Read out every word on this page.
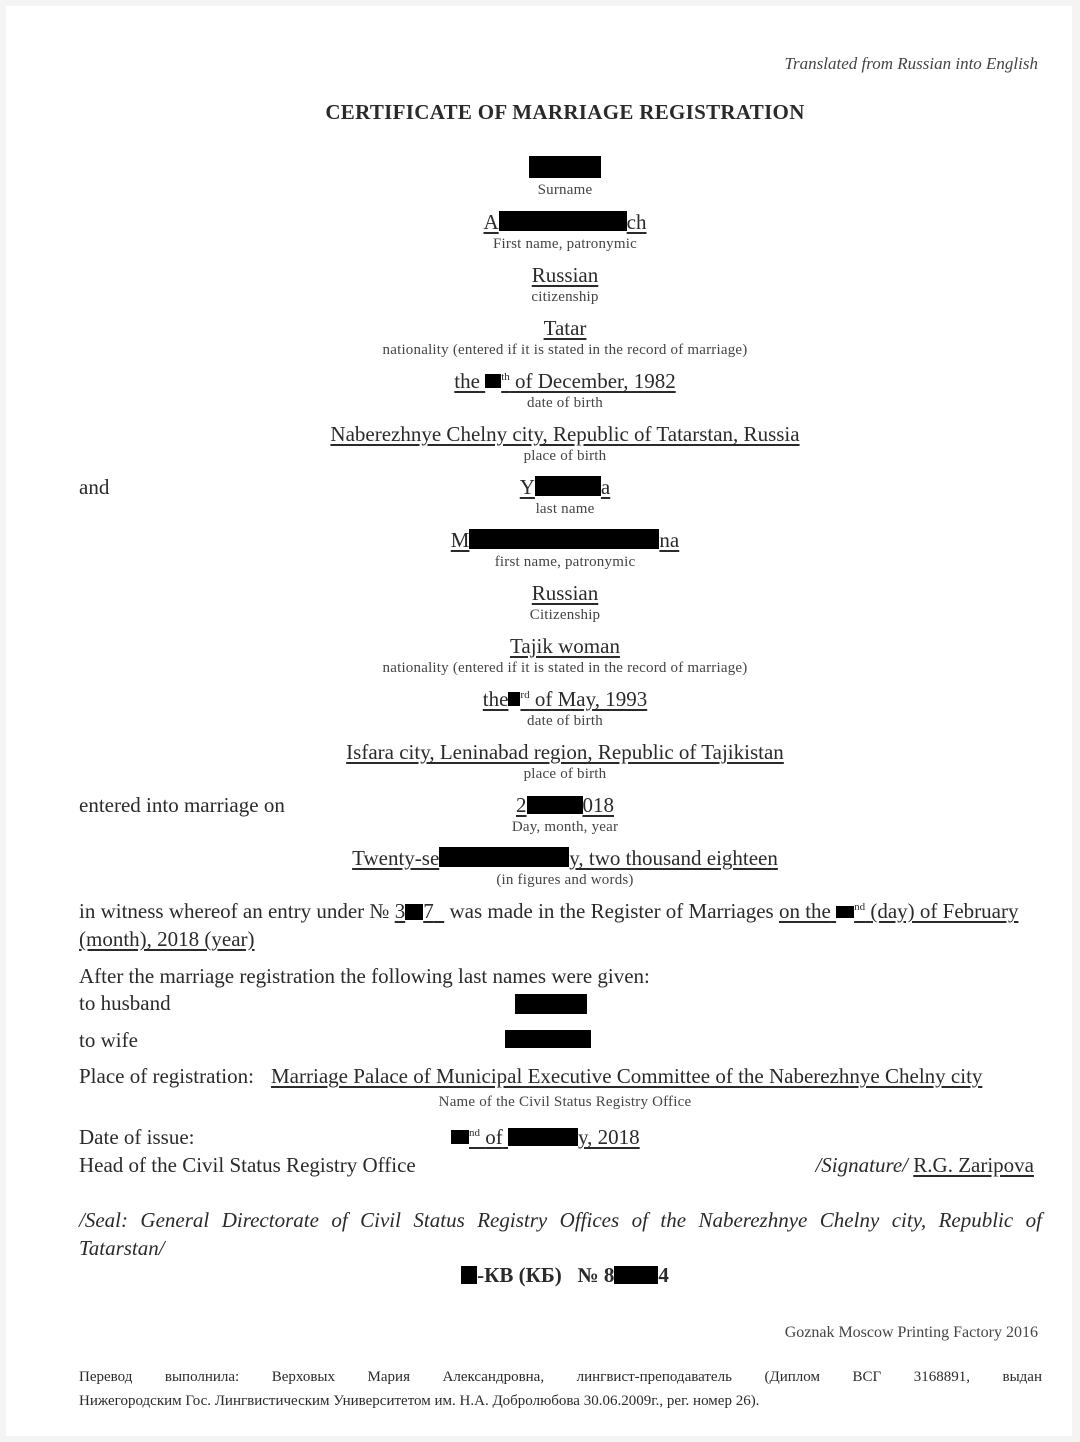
Translated from Russian into English
CERTIFICATE OF MARRIAGE REGISTRATION
Surname
A	ch
First name, patronymic
Russian
citizenship
Tatar
nationality (entered if it is stated in the record of marriage)
the $^{th}$ of December, 1982
date of birth
Naberezhnye Chelny city, Republic of Tatarstan, Russia
place of birth
and	Y	a
last name
M	na
first name, patronymic
Russian
Citizenship
Tajik woman
nationality (entered if it is stated in the record of marriage)
the $^{rd}$ of May, 1993
date of birth
Isfara city, Leninabad region, Republic of Tajikistan
place of birth
entered into marriage on	2	018
Day, month, year
Twenty-se	y, two thousand eighteen
(in figures and words)
in witness whereof an entry under № 3 7 was made in the Register of Marriages on the $^{nd}$ (day) of February
(month), 2018 (year)
After the marriage registration the following last names were given:
to husband
to wife
Place of registration: Marriage Palace of Municipal Executive Committee of the Naberezhnye Chelny city
Name of the Civil Status Registry Office
Date of issue:	$^{nd}$ of	y, 2018
Head of the Civil Status Registry Office	/Signature/ R.G. Zaripova
/Seal: General Directorate of Civil Status Registry Offices of the Naberezhnye Chelny city, Republic of
Tatarstan/
-КВ (КБ) № 8 4
Goznak Moscow Printing Factory 2016
Перевод выполнила: Верховых Мария Александровна, лингвист-преподаватель (Диплом ВСГ 3168891, выдан
Нижегородским Гос. Лингвистическим Университетом им. Н.А. Добролюбова 30.06.2009г., рег. номер 26).
